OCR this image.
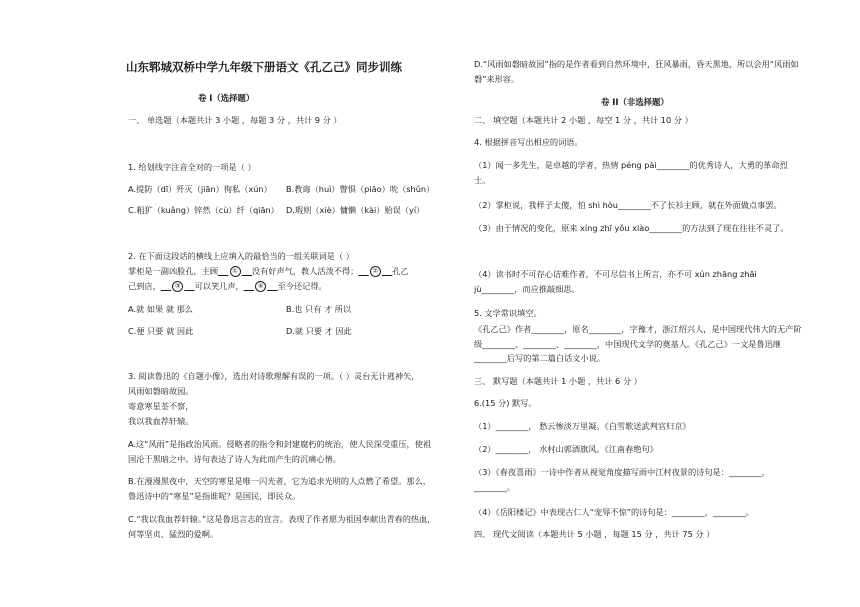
山东郓城双桥中学九年级下册语文《孔乙己》同步训练
卷 I（选择题）
一、 单选题（本题共计 3 小题 ，每题 3 分 ，共计 9 分 ）
1. 给划线字注音全对的一项是（ ）
A.提防（dī）歼灭（jiān）徇私（xún） B.教诲（huì）瞥惧（piāo）吮（shǔn）
C.粗犷（kuǎng）锌然（cù）纤（qiān） D.瑕则（xiè）慵懒（kài）贻误（yí）
2. 在下面这段话的横线上应填入的最恰当的一组关联词是（ ）
掌柜是一副凶脸孔，主顾 ① 没有好声气，教人活泼不得； ② 孔乙
己到店， ③ 可以笑几声， ④ 至今还记得。
A.就 如果 就 那么	B.也 只有 才 所以
C.便 只要 就 因此	D.就 只要 才 因此
3. 阅读鲁迅的《自题小像》，选出对诗歌理解有误的一项。（ ）灵台无计逃神矢，
风雨如磐暗故园。
寄意寒星荃不察，
我以我血荐轩辕。
A.这“风雨”是指政治风雨。侵略者的指令和封建腐朽的统治，使人民深受重压，使祖国沦于黑暗之中。诗句表达了诗人为此而产生的沉痛心情。
B.在漫漫黑夜中，天空的寒星是唯一闪光者，它为追求光明的人点燃了希望。那么，鲁迅诗中的“寒星”是指谁呢？是国民，即民众。
C.“我以我血荐轩辕。”这是鲁迅言志的宣言。表现了作者愿为祖国奉献出青春的热血，何等坚贞、猛烈的爱啊。
D.“风雨如磐暗故园”指的是作者看到自然环境中，狂风暴雨，昏天黑地，所以会用“风雨如磐”来形容。
卷 II（非选择题）
二、 填空题（本题共计 2 小题 ，每空 1 分 ，共计 10 分 ）
4. 根据拼音写出相应的词语。
（1）闻一多先生，是卓越的学者，热情 péng pài________的优秀诗人，大勇的革命烈士。
（2）掌柜说，我样子太傻，怕 shì hòu________不了长衫主顾，就在外面做点事罢。
（3）由于情况的变化，原来 xíng zhī yǒu xiào________的方法到了现在往往不灵了。
（4）读书时不可存心诘难作者，不可尽信书上所言，亦不可 xún zhāng zhāi jù________，而应推敲细思。
5. 文学常识填空。
《孔乙己》作者________，原名________，字豫才，浙江绍兴人，是中国现代伟大的无产阶级________、________、________，中国现代文学的奠基人。《孔乙己》一文是鲁迅继________后写的第二篇白话文小说。
三、 默写题（本题共计 1 小题 ，共计 6 分 ）
6.(15 分) 默写。
（1）________， 愁云惨淡万里凝。《白雪歌送武判官归京》
（2）________， 水村山郭酒旗风。《江南春绝句》
（3）《春夜喜雨》一诗中作者从视觉角度描写雨中江村夜景的诗句是：________，________。
（4）《岳阳楼记》中表现古仁人“宠辱不惊”的诗句是：________，________。
四、 现代文阅读（本题共计 5 小题 ，每题 15 分 ，共计 75 分 ）
